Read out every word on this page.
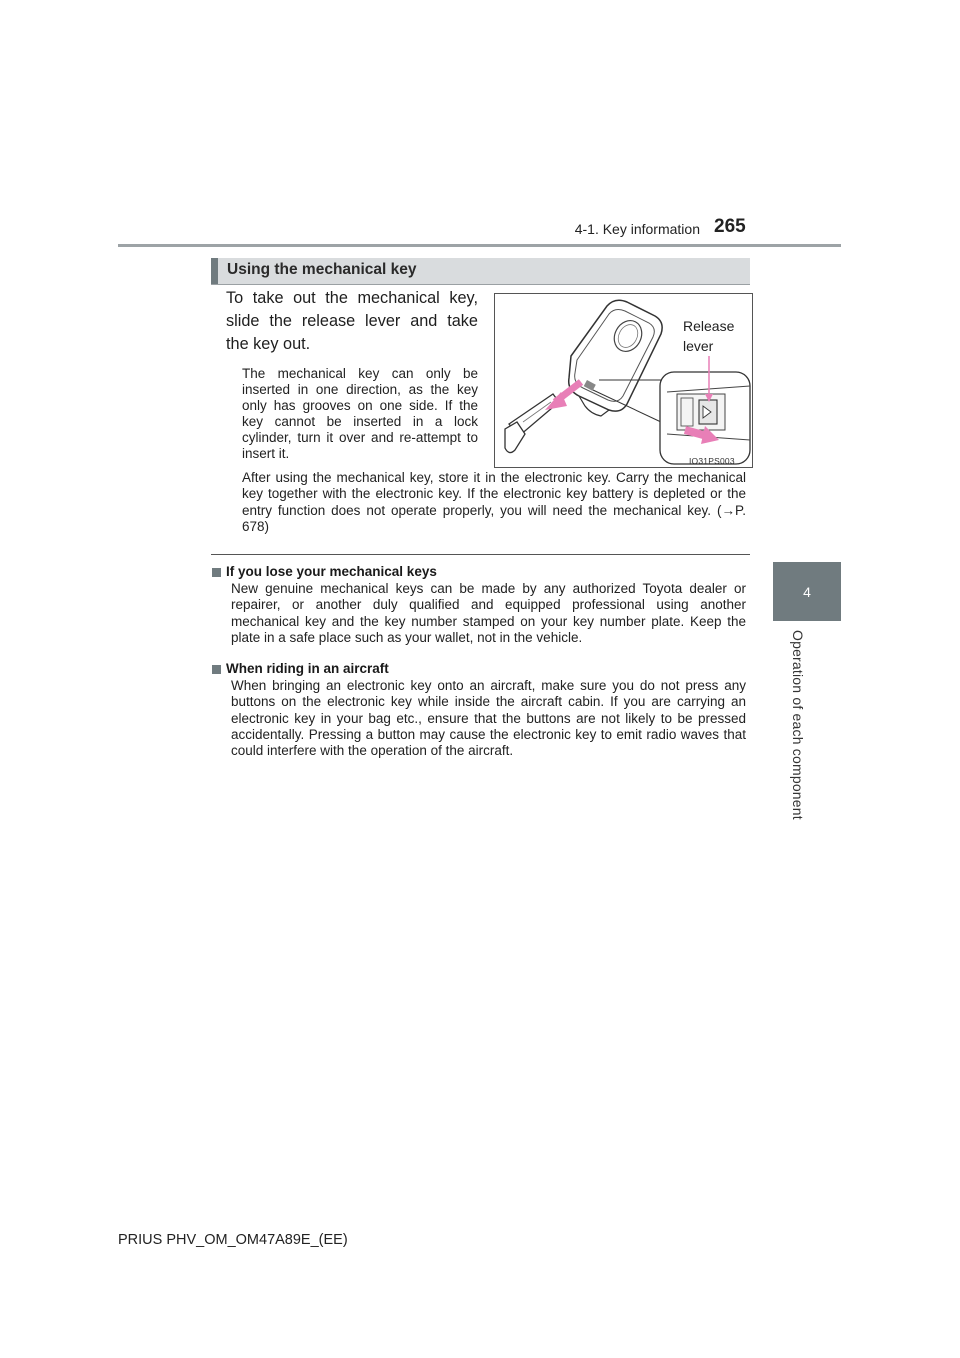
4-1. Key information 265
4
Operation of each component
Using the mechanical key
To take out the mechanical key, slide the release lever and take the key out.
The mechanical key can only be inserted in one direction, as the key only has grooves on one side. If the key cannot be inserted in a lock cylinder, turn it over and re-attempt to insert it.
After using the mechanical key, store it in the electronic key. Carry the mechanical key together with the electronic key. If the electronic key battery is depleted or the entry function does not operate properly, you will need the mechanical key. (→P. 678)
Release
lever
IO31PS003
If you lose your mechanical keys
New genuine mechanical keys can be made by any authorized Toyota dealer or repairer, or another duly qualified and equipped professional using another mechanical key and the key number stamped on your key number plate. Keep the plate in a safe place such as your wallet, not in the vehicle.
When riding in an aircraft
When bringing an electronic key onto an aircraft, make sure you do not press any buttons on the electronic key while inside the aircraft cabin. If you are carrying an electronic key in your bag etc., ensure that the buttons are not likely to be pressed accidentally. Pressing a button may cause the electronic key to emit radio waves that could interfere with the operation of the aircraft.
PRIUS PHV_OM_OM47A89E_(EE)
